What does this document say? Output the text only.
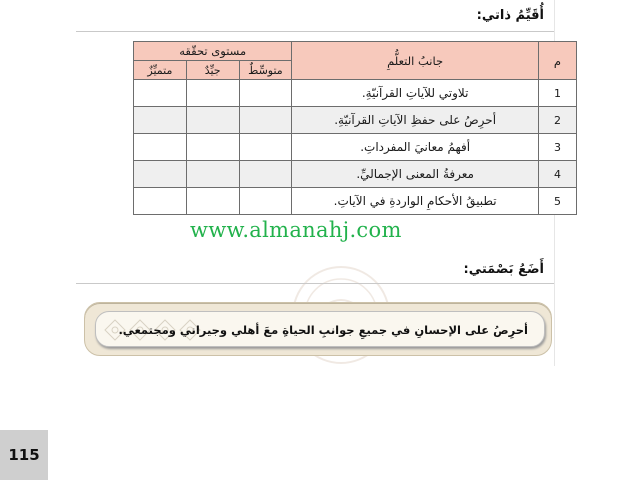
أُقَيِّمُ ذاتي:
م	جانبُ التعلُّمِ	مستوى تحقّقه		
		متوسِّطٌ	جيِّدٌ	متميِّزٌ
1	تلاوتي للآياتِ القرآنيّةِ.			
2	أحرِصُ على حفظِ الآياتِ القرآنيّةِ.			
3	أفهمُ معانيَ المفرداتِ.			
4	معرفةُ المعنى الإجماليِّ.			
5	تطبيقُ الأحكامِ الواردةِ في الآياتِ.			
أَضَعُ بَصْمَتي:
أحرِصُ على الإحسانِ في جميعِ جوانبِ الحياةِ معَ أهلي وجيراني ومجتمعي.
www.almanahj.com
115
